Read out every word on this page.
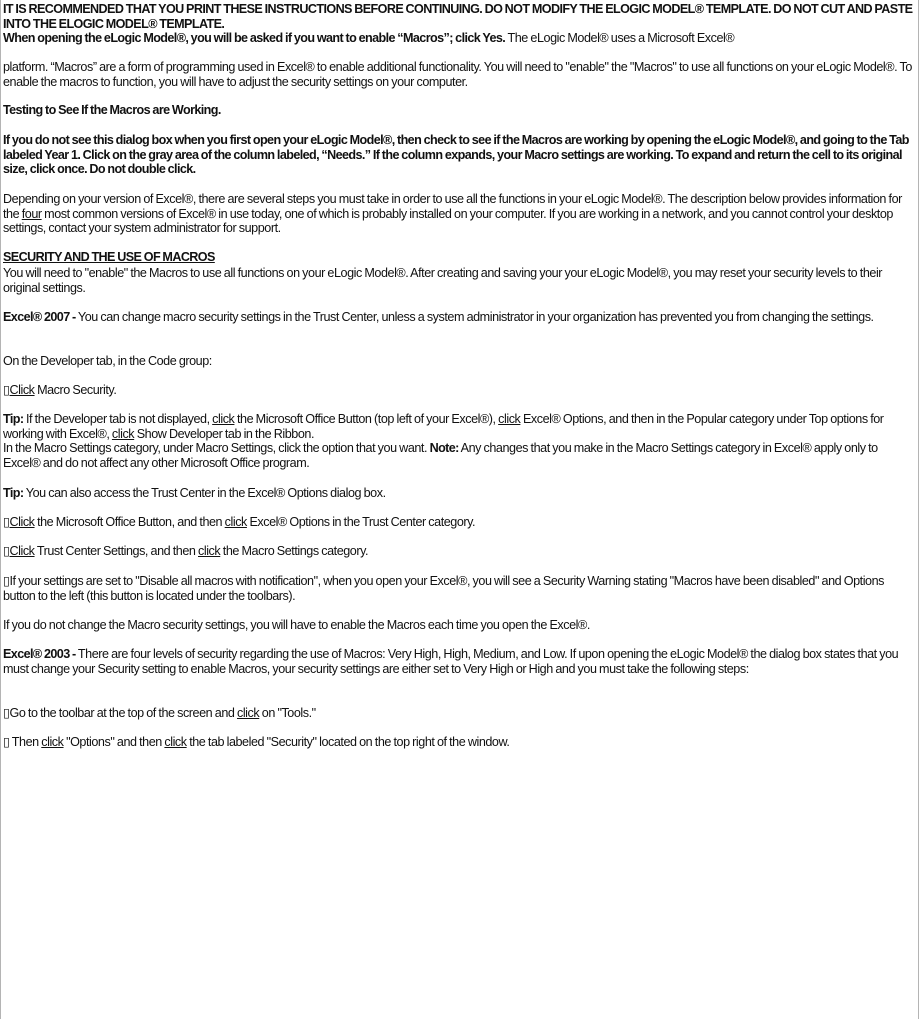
IT IS RECOMMENDED THAT YOU PRINT THESE INSTRUCTIONS BEFORE CONTINUING. DO NOT MODIFY THE ELOGIC MODEL® TEMPLATE. DO NOT CUT AND PASTE INTO THE ELOGIC MODEL® TEMPLATE.
When opening the eLogic Model®, you will be asked if you want to enable “Macros”; click Yes. The eLogic Model® uses a Microsoft Excel®
platform. “Macros” are a form of programming used in Excel® to enable additional functionality. You will need to "enable" the "Macros" to use all functions on your eLogic Model®. To enable the macros to function, you will have to adjust the security settings on your computer.
Testing to See If the Macros are Working.
If you do not see this dialog box when you first open your eLogic Model®, then check to see if the Macros are working by opening the eLogic Model®, and going to the Tab labeled Year 1. Click on the gray area of the column labeled, “Needs.” If the column expands, your Macro settings are working. To expand and return the cell to its original size, click once. Do not double click.
Depending on your version of Excel®, there are several steps you must take in order to use all the functions in your eLogic Model®. The description below provides information for the four most common versions of Excel® in use today, one of which is probably installed on your computer. If you are working in a network, and you cannot control your desktop settings, contact your system administrator for support.
SECURITY AND THE USE OF MACROS
You will need to "enable" the Macros to use all functions on your eLogic Model®. After creating and saving your your eLogic Model®, you may reset your security levels to their original settings.
Excel® 2007 - You can change macro security settings in the Trust Center, unless a system administrator in your organization has prevented you from changing the settings.
On the Developer tab, in the Code group:
▯Click Macro Security.
Tip: If the Developer tab is not displayed, click the Microsoft Office Button (top left of your Excel®), click Excel® Options, and then in the Popular category under Top options for working with Excel®, click Show Developer tab in the Ribbon.
In the Macro Settings category, under Macro Settings, click the option that you want. Note: Any changes that you make in the Macro Settings category in Excel® apply only to Excel® and do not affect any other Microsoft Office program.
Tip: You can also access the Trust Center in the Excel® Options dialog box.
▯Click the Microsoft Office Button, and then click Excel® Options in the Trust Center category.
▯Click Trust Center Settings, and then click the Macro Settings category.
▯If your settings are set to "Disable all macros with notification", when you open your Excel®, you will see a Security Warning stating "Macros have been disabled" and Options button to the left (this button is located under the toolbars).
If you do not change the Macro security settings, you will have to enable the Macros each time you open the Excel®.
Excel® 2003 - There are four levels of security regarding the use of Macros: Very High, High, Medium, and Low. If upon opening the eLogic Model® the dialog box states that you must change your Security setting to enable Macros, your security settings are either set to Very High or High and you must take the following steps:
▯Go to the toolbar at the top of the screen and click on "Tools."
▯ Then click "Options" and then click the tab labeled "Security" located on the top right of the window.
